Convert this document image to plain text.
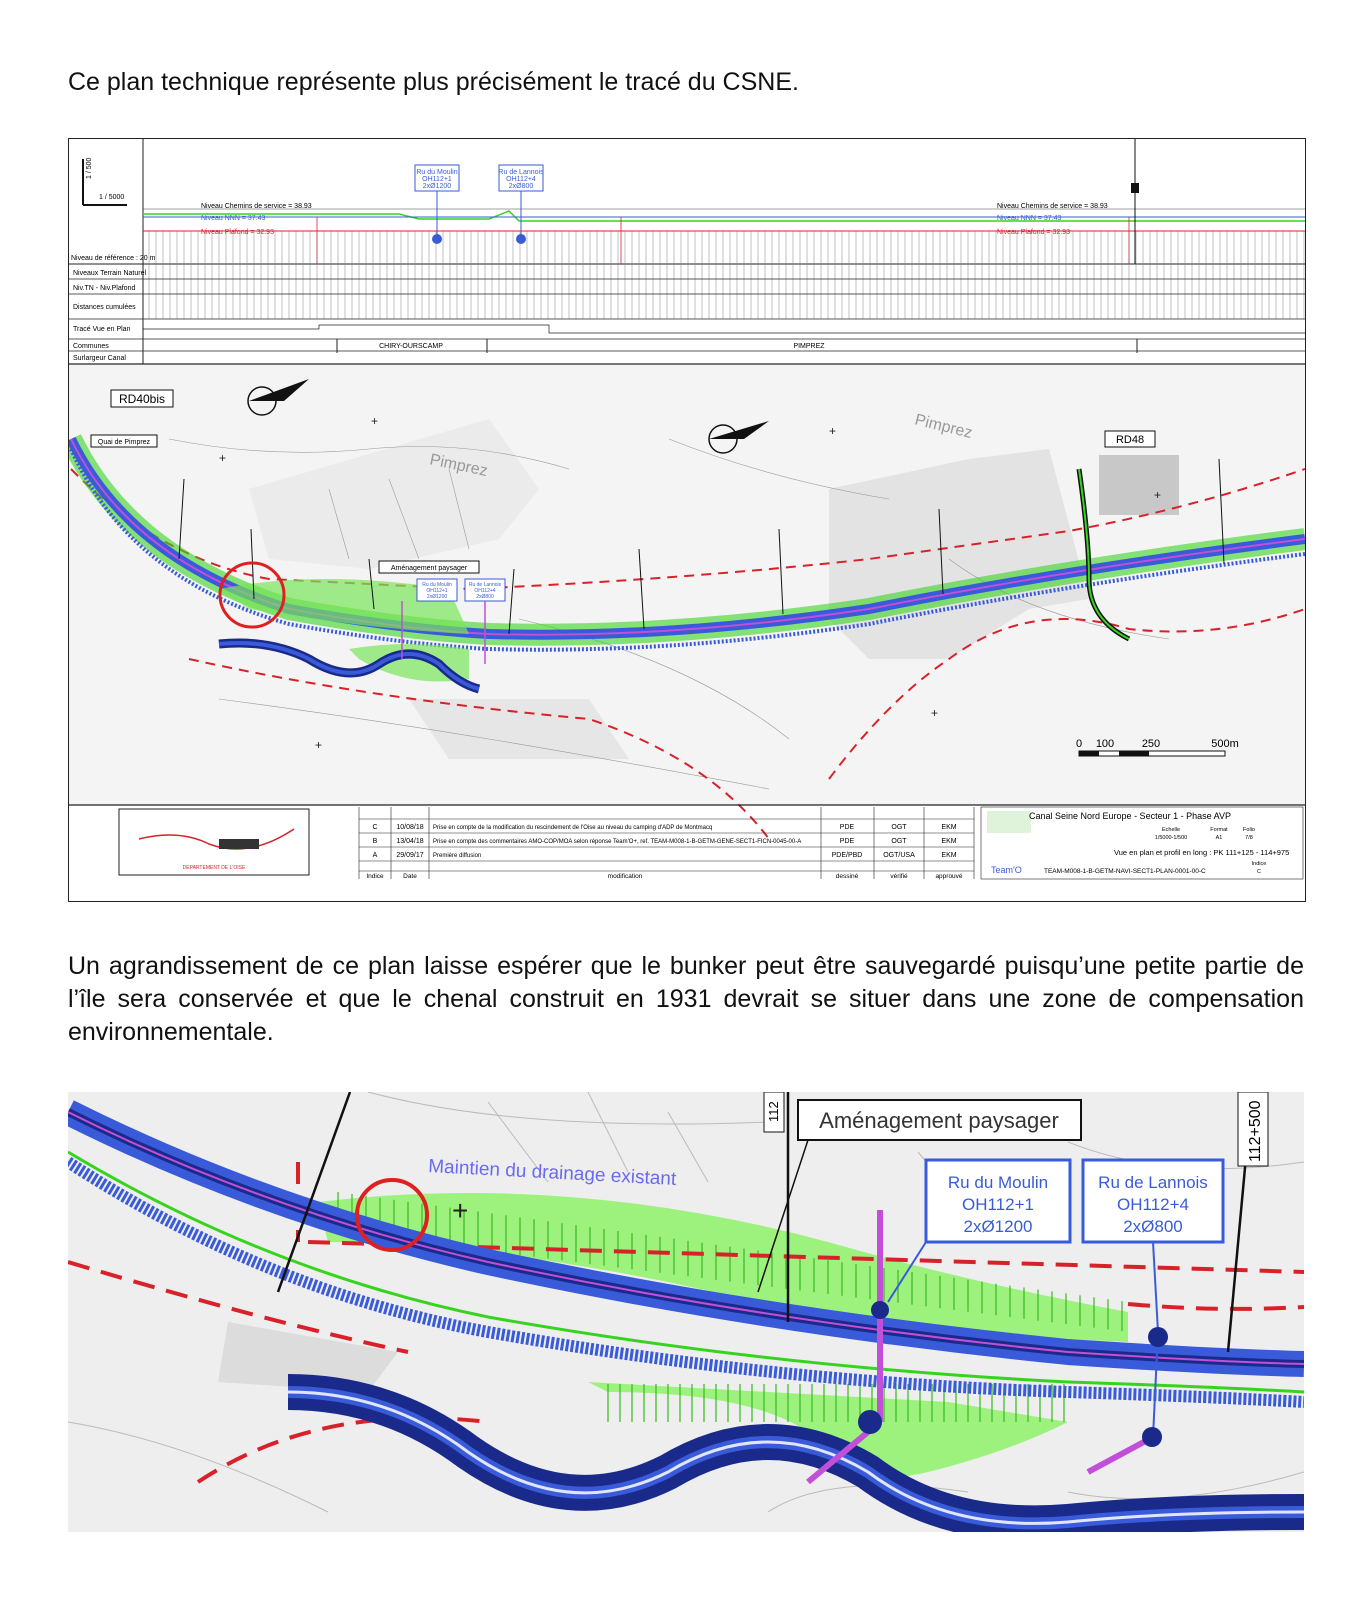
Ce plan technique représente plus précisément le tracé du CSNE.

1 / 5000
1 / 500
Niveau de référence : 20 m
Niveau Chemins de service = 38.93
Niveau NNN = 37.43
Niveau Plafond = 32.93
Niveau Chemins de service = 38.93
Niveau NNN = 37.43
Niveau Plafond = 32.93
Ru du Moulin
OH112+1
2xØ1200
Ru de Lannois
OH112+4
2xØ800
Niveaux Terrain Naturel
Niv.TN - Niv.Plafond
Distances cumulées
Tracé Vue en Plan
Communes
Surlargeur Canal
CHIRY-OURSCAMP	PIMPREZ
RD40bis
Quai de Pimprez	RD48
Pimprez
Pimprez
Aménagement paysager
Ru du Moulin
OH112+1
2xØ1200
Ru de Lannois
OH112+4
2xØ800
+
+
+
+
+
+
0 100	250	500m
DEPARTEMENT DE L'OISE
C	10/08/18 Prise en compte de la modification du rescindement de l'Oise au niveau du camping d'ADP de Montmacq	PDE	OGT	EKM
B	13/04/18 Prise en compte des commentaires AMO-COP/MOA selon réponse Team'O+, ref. TEAM-M008-1-B-GETM-GENE-SECT1-FICN-0045-00-A	PDE	OGT	EKM
A	29/09/17 Première diffusion	PDE/PBD	OGT/USA	EKM
Indice	Date	modification	dessiné	vérifié	approuvé
Canal Seine Nord Europe - Secteur 1 - Phase AVP
Echelle
1/5000-1/500
Format
A1
Folio
7/8
Indice
C
Vue en plan et profil en long : PK 111+125 - 114+975
Team'O	TEAM-M008-1-B-GETM-NAVI-SECT1-PLAN-0001-00-C

Un agrandissement de ce plan laisse espérer que le bunker peut être sauvegardé puisqu’une petite partie de l’île sera conservée et que le chenal construit en 1931 devrait se situer dans une zone de compensation environnementale.

112	112+500
Aménagement paysager
Maintien du drainage existant	Ru du Moulin
OH112+1
2xØ1200
Ru de Lannois
OH112+4
2xØ800
+
